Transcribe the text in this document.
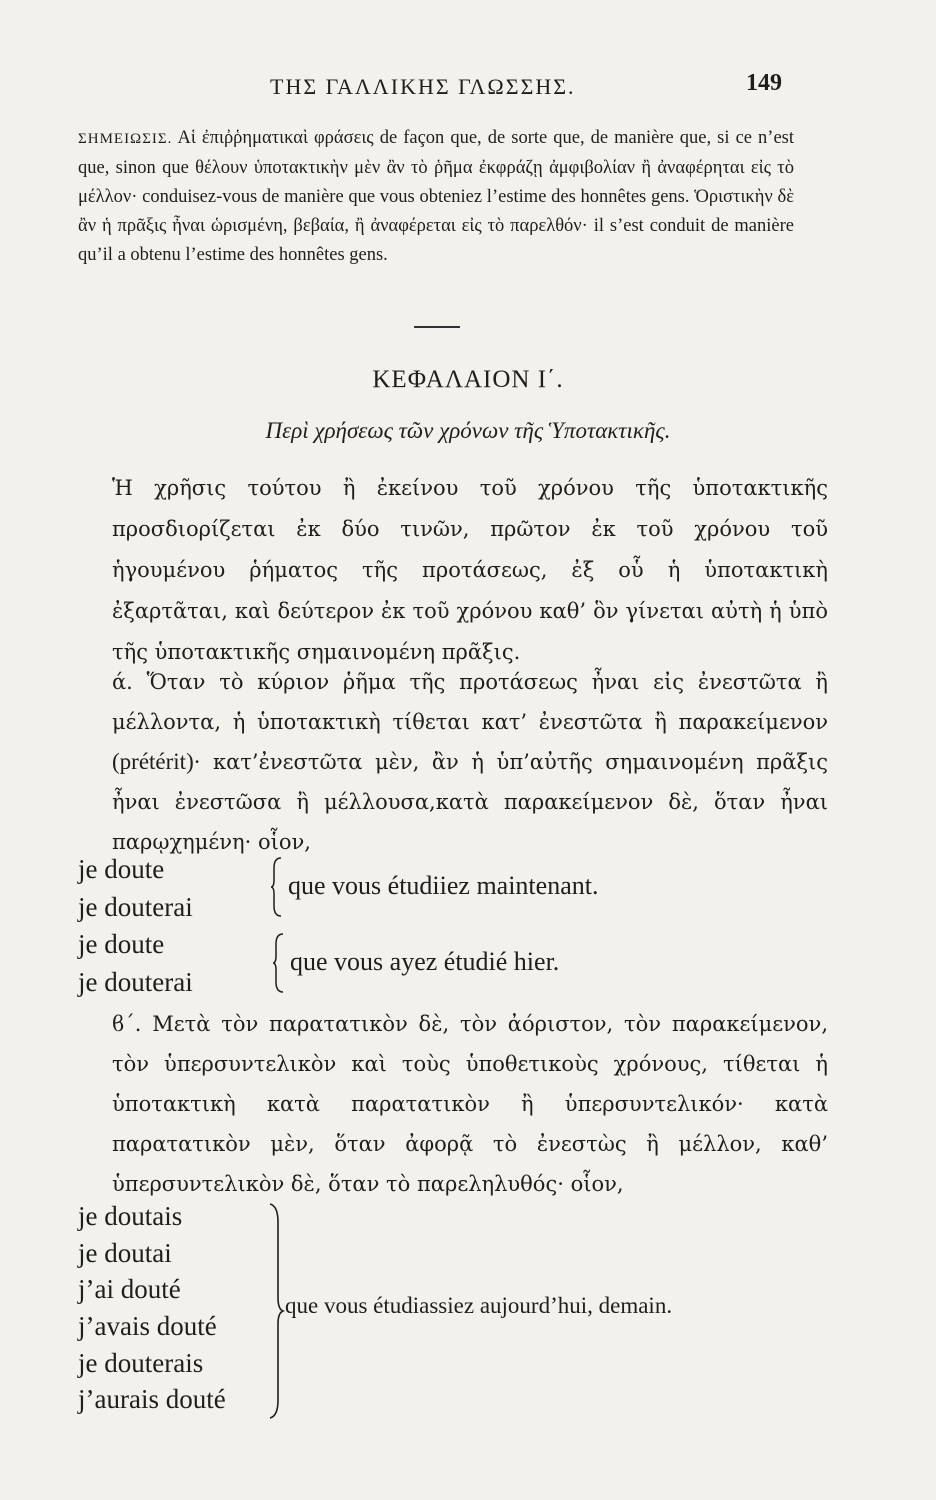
ΤΗΣ ΓΑΛΛΙΚΗΣ ΓΛΩΣΣΗΣ.	149
ΣΗΜΕΙΩΣΙΣ. Αἱ ἐπιῤῥηματικαὶ φράσεις de façon que, de sorte que, de manière que, si ce n’est que, sinon que θέλουν ὑποτακτικὴν μὲν ἂν τὸ ῥῆμα ἐκφράζῃ ἀμφιβολίαν ἢ ἀναφέρηται εἰς τὸ μέλλον· conduisez-vous de manière que vous obteniez l’estime des honnêtes gens. Ὁριστικὴν δὲ ἂν ἡ πρᾶξις ἦναι ὡρισμένη, βεβαία, ἢ ἀναφέρεται εἰς τὸ παρελθόν· il s’est conduit de manière qu’il a obtenu l’estime des honnêtes gens.
ΚΕΦΑΛΑΙΟΝ Ι΄.
Περὶ χρήσεως τῶν χρόνων τῆς Ὑποτακτικῆς.
Ἡ χρῆσις τούτου ἢ ἐκείνου τοῦ χρόνου τῆς ὑποτακτικῆς προσδιορίζεται ἐκ δύο τινῶν, πρῶτον ἐκ τοῦ χρόνου τοῦ ἡγουμένου ῥήματος τῆς προτάσεως, ἐξ οὗ ἡ ὑποτακτικὴ ἐξαρτᾶται, καὶ δεύτερον ἐκ τοῦ χρόνου καθ’ ὃν γίνεται αὐτὴ ἡ ὑπὸ τῆς ὑποτακτικῆς σημαινομένη πρᾶξις.
ά. Ὅταν τὸ κύριον ῥῆμα τῆς προτάσεως ἦναι εἰς ἐνεστῶτα ἢ μέλλοντα, ἡ ὑποτακτικὴ τίθεται κατ’ ἐνεστῶτα ἢ παρακείμενον (prétérit)· κατ’ἐνεστῶτα μὲν, ἂν ἡ ὑπ’αὐτῆς σημαινομένη πρᾶξις ἦναι ἐνεστῶσα ἢ μέλλουσα,κατὰ παρακείμενον δὲ, ὅταν ἦναι παρῳχημένη· οἷον,
je doute
je douterai
que vous étudiiez maintenant.
je doute
je douterai
que vous ayez étudié hier.
ϐ΄. Μετὰ τὸν παρατατικὸν δὲ, τὸν ἀόριστον, τὸν παρακείμενον, τὸν ὑπερσυντελικὸν καὶ τοὺς ὑποθετικοὺς χρόνους, τίθεται ἡ ὑποτακτικὴ κατὰ παρατατικὸν ἢ ὑπερσυντελικόν· κατὰ παρατατικὸν μὲν, ὅταν ἀφορᾷ τὸ ἐνεστὼς ἢ μέλλον, καθ’ ὑπερσυντελικὸν δὲ, ὅταν τὸ παρεληλυθός· οἷον,
je doutais
je doutai
j’ai douté
j’avais douté
je douterais
j’aurais douté
que vous étudiassiez aujourd’hui, demain.
